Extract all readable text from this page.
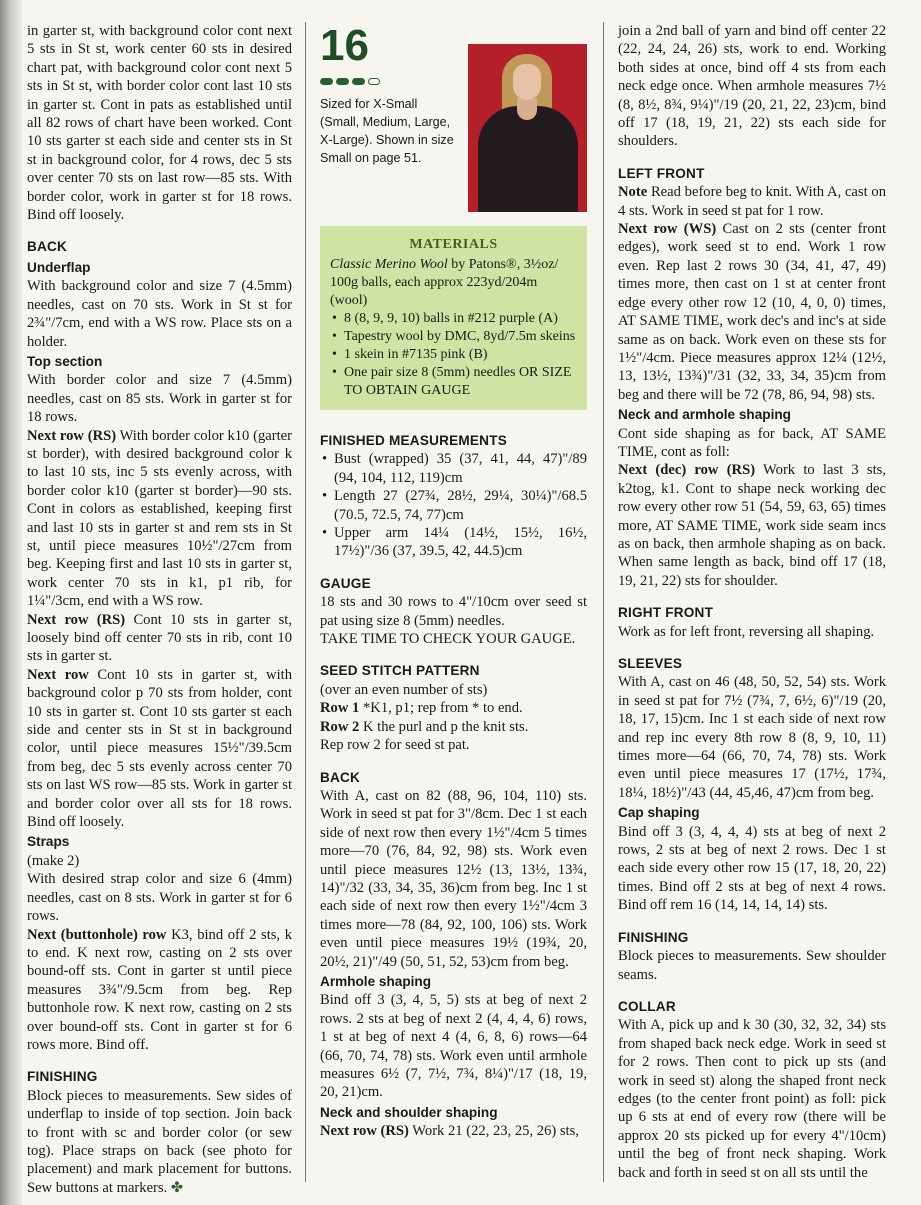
in garter st, with background color cont next 5 sts in St st, work center 60 sts in desired chart pat, with background color cont next 5 sts in St st, with border color cont last 10 sts in garter st. Cont in pats as established until all 82 rows of chart have been worked. Cont 10 sts garter st each side and center sts in St st in background color, for 4 rows, dec 5 sts over center 70 sts on last row—85 sts. With border color, work in garter st for 18 rows. Bind off loosely.

BACK
Underflap

With background color and size 7 (4.5mm) needles, cast on 70 sts. Work in St st for 2¾"/7cm, end with a WS row. Place sts on a holder.

Top section

With border color and size 7 (4.5mm) needles, cast on 85 sts. Work in garter st for 18 rows.

Next row (RS) With border color k10 (garter st border), with desired background color k to last 10 sts, inc 5 sts evenly across, with border color k10 (garter st border)—90 sts. Cont in colors as established, keeping first and last 10 sts in garter st and rem sts in St st, until piece measures 10½"/27cm from beg. Keeping first and last 10 sts in garter st, work center 70 sts in k1, p1 rib, for 1¼"/3cm, end with a WS row.

Next row (RS) Cont 10 sts in garter st, loosely bind off center 70 sts in rib, cont 10 sts in garter st.

Next row Cont 10 sts in garter st, with background color p 70 sts from holder, cont 10 sts in garter st. Cont 10 sts garter st each side and center sts in St st in background color, until piece measures 15½"/39.5cm from beg, dec 5 sts evenly across center 70 sts on last WS row—85 sts. Work in garter st and border color over all sts for 18 rows. Bind off loosely.

Straps

(make 2)

With desired strap color and size 6 (4mm) needles, cast on 8 sts. Work in garter st for 6 rows.

Next (buttonhole) row K3, bind off 2 sts, k to end. K next row, casting on 2 sts over bound-off sts. Cont in garter st until piece measures 3¾"/9.5cm from beg. Rep buttonhole row. K next row, casting on 2 sts over bound-off sts. Cont in garter st for 6 rows more. Bind off.

FINISHING

Block pieces to measurements. Sew sides of underflap to inside of top section. Join back to front with sc and border color (or sew tog). Place straps on back (see photo for placement) and mark placement for buttons. Sew buttons at markers. ✤

16
Sized for X-Small (Small, Medium, Large, X-Large). Shown in size Small on page 51.
MATERIALS

Classic Merino Wool by Patons®, 3½oz/ 100g balls, each approx 223yd/204m (wool)

• 8 (8, 9, 9, 10) balls in #212 purple (A)
• Tapestry wool by DMC, 8yd/7.5m skeins
• 1 skein in #7135 pink (B)
• One pair size 8 (5mm) needles OR SIZE TO OBTAIN GAUGE
FINISHED MEASUREMENTS
• Bust (wrapped) 35 (37, 41, 44, 47)"/89 (94, 104, 112, 119)cm
• Length 27 (27¾, 28½, 29¼, 30¼)"/68.5 (70.5, 72.5, 74, 77)cm
• Upper arm 14¼ (14½, 15½, 16½, 17½)"/36 (37, 39.5, 42, 44.5)cm
GAUGE

18 sts and 30 rows to 4"/10cm over seed st pat using size 8 (5mm) needles.

TAKE TIME TO CHECK YOUR GAUGE.

SEED STITCH PATTERN

(over an even number of sts)

Row 1 *K1, p1; rep from * to end.

Row 2 K the purl and p the knit sts.

Rep row 2 for seed st pat.

BACK

With A, cast on 82 (88, 96, 104, 110) sts. Work in seed st pat for 3"/8cm. Dec 1 st each side of next row then every 1½"/4cm 5 times more—70 (76, 84, 92, 98) sts. Work even until piece measures 12½ (13, 13½, 13¾, 14)"/32 (33, 34, 35, 36)cm from beg. Inc 1 st each side of next row then every 1½"/4cm 3 times more—78 (84, 92, 100, 106) sts. Work even until piece measures 19½ (19¾, 20, 20½, 21)"/49 (50, 51, 52, 53)cm from beg.

Armhole shaping

Bind off 3 (3, 4, 5, 5) sts at beg of next 2 rows. 2 sts at beg of next 2 (4, 4, 4, 6) rows, 1 st at beg of next 4 (4, 6, 8, 6) rows—64 (66, 70, 74, 78) sts. Work even until armhole measures 6½ (7, 7½, 7¾, 8¼)"/17 (18, 19, 20, 21)cm.

Neck and shoulder shaping

Next row (RS) Work 21 (22, 23, 25, 26) sts,

join a 2nd ball of yarn and bind off center 22 (22, 24, 24, 26) sts, work to end. Working both sides at once, bind off 4 sts from each neck edge once. When armhole measures 7½ (8, 8½, 8¾, 9¼)"/19 (20, 21, 22, 23)cm, bind off 17 (18, 19, 21, 22) sts each side for shoulders.

LEFT FRONT

Note Read before beg to knit. With A, cast on 4 sts. Work in seed st pat for 1 row.

Next row (WS) Cast on 2 sts (center front edges), work seed st to end. Work 1 row even. Rep last 2 rows 30 (34, 41, 47, 49) times more, then cast on 1 st at center front edge every other row 12 (10, 4, 0, 0) times, AT SAME TIME, work dec's and inc's at side same as on back. Work even on these sts for 1½"/4cm. Piece measures approx 12¼ (12½, 13, 13½, 13¾)"/31 (32, 33, 34, 35)cm from beg and there will be 72 (78, 86, 94, 98) sts.

Neck and armhole shaping

Cont side shaping as for back, AT SAME TIME, cont as foll:

Next (dec) row (RS) Work to last 3 sts, k2tog, k1. Cont to shape neck working dec row every other row 51 (54, 59, 63, 65) times more, AT SAME TIME, work side seam incs as on back, then armhole shaping as on back. When same length as back, bind off 17 (18, 19, 21, 22) sts for shoulder.

RIGHT FRONT

Work as for left front, reversing all shaping.

SLEEVES

With A, cast on 46 (48, 50, 52, 54) sts. Work in seed st pat for 7½ (7¾, 7, 6½, 6)"/19 (20, 18, 17, 15)cm. Inc 1 st each side of next row and rep inc every 8th row 8 (8, 9, 10, 11) times more—64 (66, 70, 74, 78) sts. Work even until piece measures 17 (17½, 17¾, 18¼, 18½)"/43 (44, 45,46, 47)cm from beg.

Cap shaping

Bind off 3 (3, 4, 4, 4) sts at beg of next 2 rows, 2 sts at beg of next 2 rows. Dec 1 st each side every other row 15 (17, 18, 20, 22) times. Bind off 2 sts at beg of next 4 rows. Bind off rem 16 (14, 14, 14, 14) sts.

FINISHING

Block pieces to measurements. Sew shoulder seams.

COLLAR

With A, pick up and k 30 (30, 32, 32, 34) sts from shaped back neck edge. Work in seed st for 2 rows. Then cont to pick up sts (and work in seed st) along the shaped front neck edges (to the center front point) as foll: pick up 6 sts at end of every row (there will be approx 20 sts picked up for every 4"/10cm) until the beg of front neck shaping. Work back and forth in seed st on all sts until the
